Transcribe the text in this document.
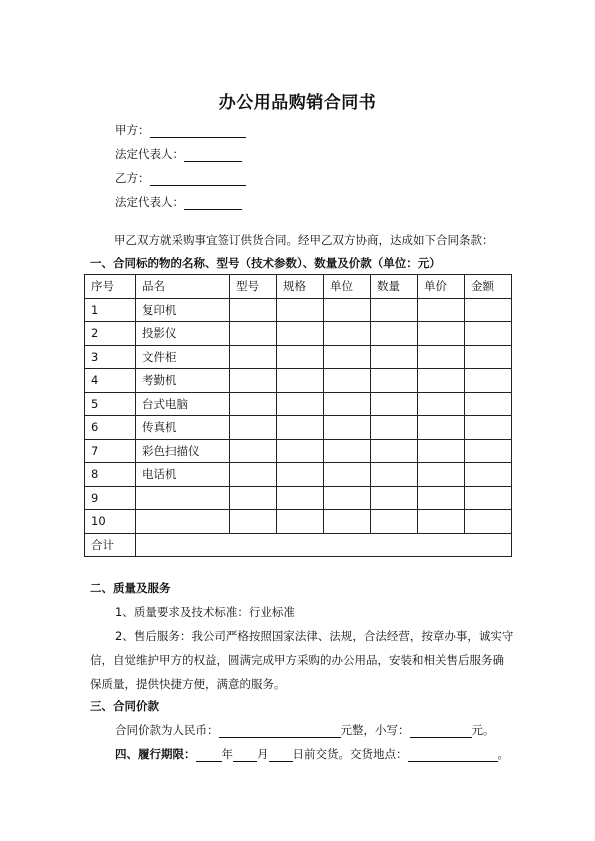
办公用品购销合同书
甲方：
法定代表人：
乙方：
法定代表人：
甲乙双方就采购事宜签订供货合同。经甲乙双方协商，达成如下合同条款：
一、合同标的物的名称、型号（技术参数）、数量及价款（单位：元）
序号	品名	型号	规格	单位	数量	单价	金额
1	复印机						
2	投影仪						
3	文件柜						
4	考勤机						
5	台式电脑						
6	传真机						
7	彩色扫描仪						
8	电话机						
9							
10							
合计							
二、质量及服务
1、质量要求及技术标准：行业标准
2、售后服务：我公司严格按照国家法律、法规，合法经营，按章办事，诚实守信，自觉维护甲方的权益，圆满完成甲方采购的办公用品，安装和相关售后服务确保质量，提供快捷方便，满意的服务。
三、合同价款
合同价款为人民币：	元整，小写：	元。
四、履行期限： 年 月 日前交货。交货地点：	。
